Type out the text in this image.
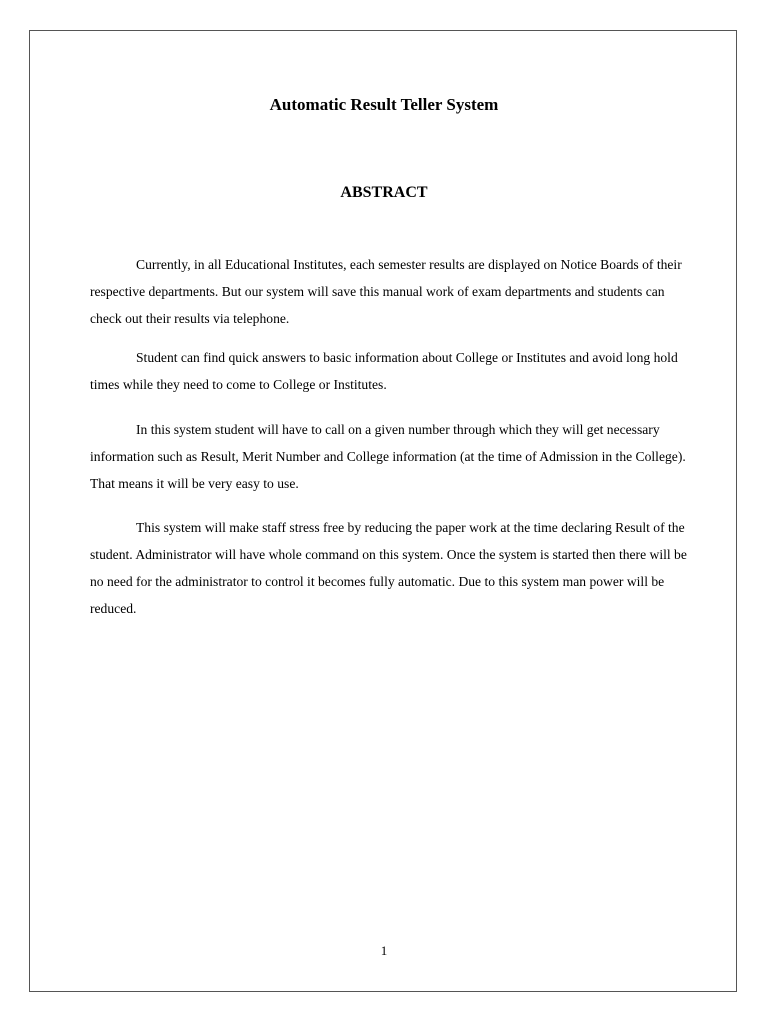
Automatic Result Teller System
ABSTRACT

Currently, in all Educational Institutes, each semester results are displayed on Notice Boards of their respective departments. But our system will save this manual work of exam departments and students can check out their results via telephone.

Student can find quick answers to basic information about College or Institutes and avoid long hold times while they need to come to College or Institutes.

In this system student will have to call on a given number through which they will get necessary information such as Result, Merit Number and College information (at the time of Admission in the College). That means it will be very easy to use.

This system will make staff stress free by reducing the paper work at the time declaring Result of the student. Administrator will have whole command on this system. Once the system is started then there will be no need for the administrator to control it becomes fully automatic. Due to this system man power will be reduced.

1
